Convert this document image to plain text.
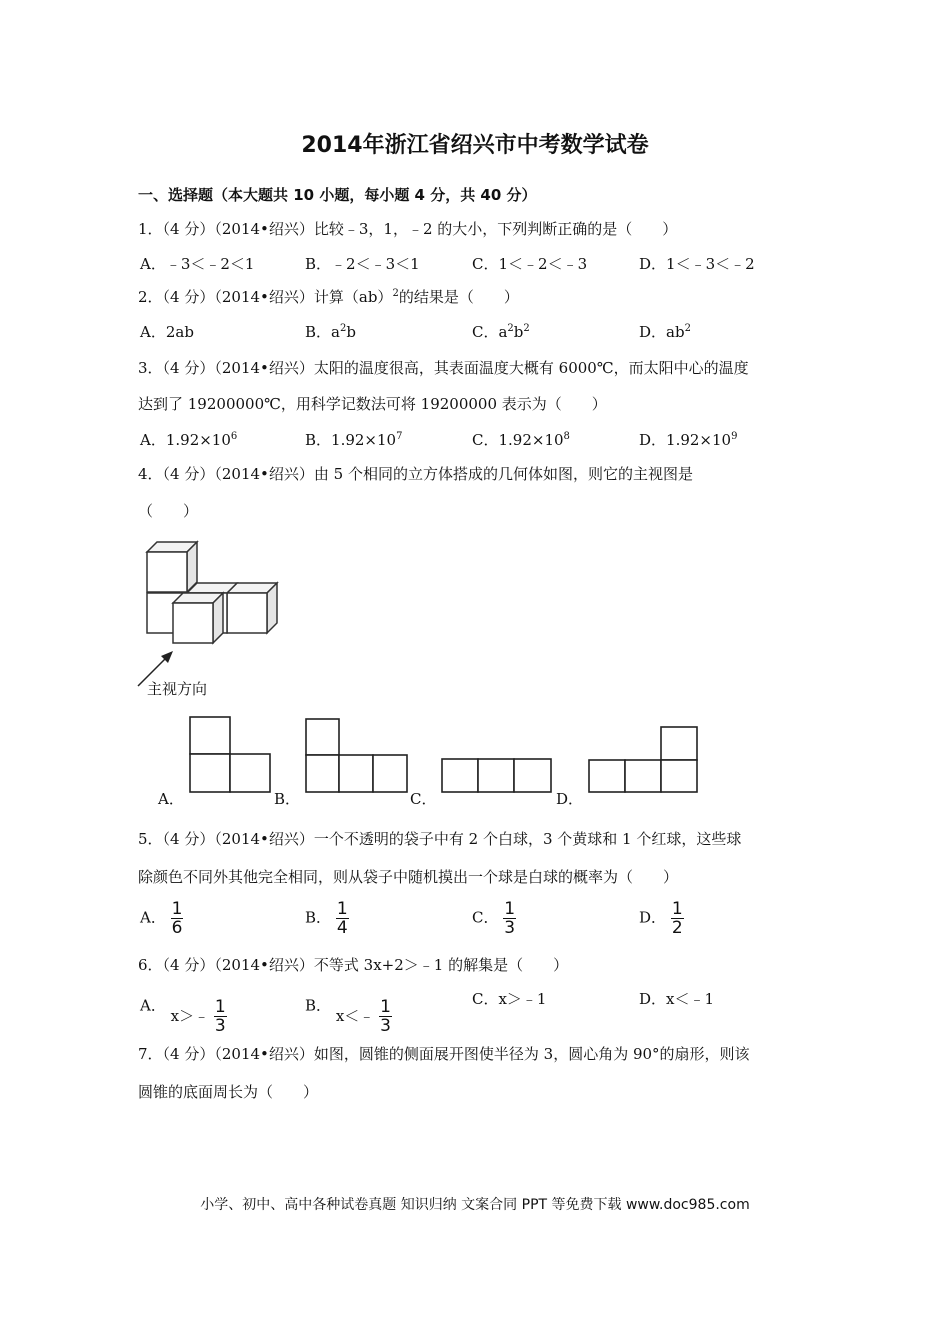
2014年浙江省绍兴市中考数学试卷
一、选择题（本大题共 10 小题，每小题 4 分，共 40 分）
1．（4 分）（2014•绍兴）比较﹣3，1，﹣2 的大小，下列判断正确的是（　　）
A．﹣3＜﹣2＜1	B．﹣2＜﹣3＜1	C．1＜﹣2＜﹣3	D．1＜﹣3＜﹣2
2．（4 分）（2014•绍兴）计算（ab）$^2$的结果是（　　）
A．2ab	B．$a^2b$	C．$a^2b^2$	D．$ab^2$
3．（4 分）（2014•绍兴）太阳的温度很高，其表面温度大概有 6000℃，而太阳中心的温度
达到了 19200000℃，用科学记数法可将 19200000 表示为（　　）
A．$1.92\times 10^6$	B．$1.92\times 10^7$	C．$1.92\times 10^8$	D．$1.92\times 10^9$
4．（4 分）（2014•绍兴）由 5 个相同的立方体搭成的几何体如图，则它的主视图是
（　　）
主视方向
A．	B．	C．	D．
5．（4 分）（2014•绍兴）一个不透明的袋子中有 2 个白球，3 个黄球和 1 个红球，这些球
除颜色不同外其他完全相同，则从袋子中随机摸出一个球是白球的概率为（　　）
A． $\frac{1}{6}$	B． $\frac{1}{4}$	C． $\frac{1}{3}$	D． $\frac{1}{2}$
6．（4 分）（2014•绍兴）不等式 3x+2＞﹣1 的解集是（　　）
A． x＞﹣ $\frac{1}{3}$	B． x＜﹣ $\frac{1}{3}$	C．x＞﹣1	D．x＜﹣1
7．（4 分）（2014•绍兴）如图，圆锥的侧面展开图使半径为 3，圆心角为 90°的扇形，则该
圆锥的底面周长为（　　）
小学、初中、高中各种试卷真题 知识归纳 文案合同 PPT 等免费下载 www.doc985.com
